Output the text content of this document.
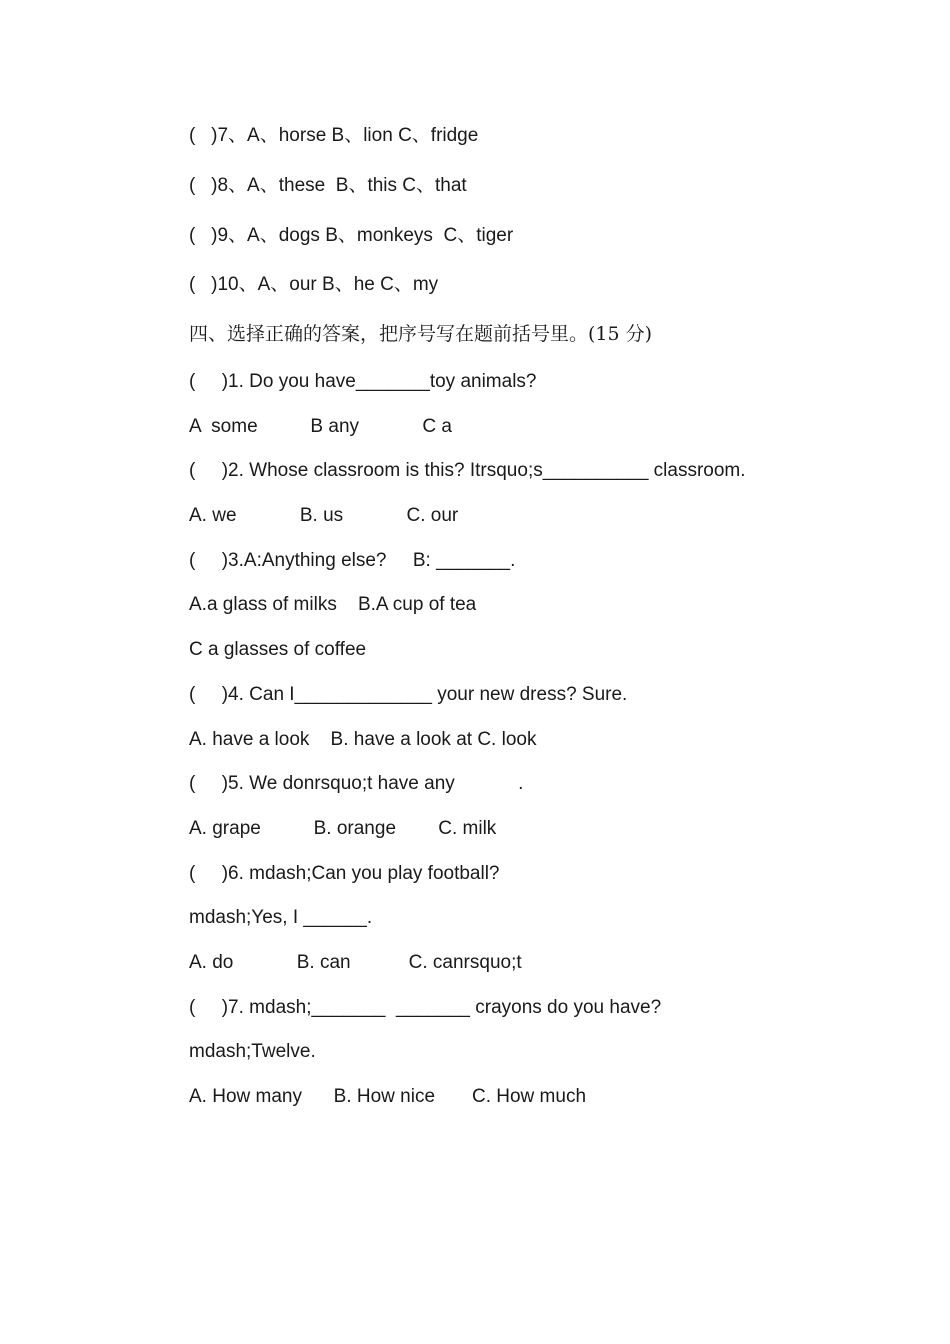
(   )7、A、horse B、lion C、fridge
(   )8、A、these  B、this C、that
(   )9、A、dogs B、monkeys  C、tiger
(   )10、A、our B、he C、my
四、选择正确的答案，把序号写在题前括号里。(15 分)
(     )1. Do you have_______toy animals?
A  some          B any            C a
(     )2. Whose classroom is this? Itrsquo;s__________ classroom.
A. we            B. us            C. our
(     )3.A:Anything else?     B: _______.
A.a glass of milks    B.A cup of tea
C a glasses of coffee
(     )4. Can I_____________ your new dress? Sure.
A. have a look    B. have a look at C. look
(     )5. We donrsquo;t have any            .
A. grape          B. orange        C. milk
(     )6. mdash;Can you play football?
mdash;Yes, I ______.
A. do            B. can           C. canrsquo;t
(     )7. mdash;_______  _______ crayons do you have?
mdash;Twelve.
A. How many      B. How nice       C. How much
